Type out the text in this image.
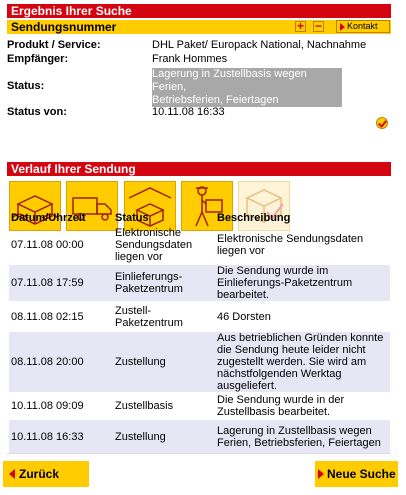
Ergebnis Ihrer Suche
Sendungsnummer	+ −	Kontakt
Produkt / Service:	DHL Paket/ Europack National, Nachnahme
Empfänger:	Frank Hommes
Status:
Lagerung in Zustellbasis wegen Ferien,
Betriebsferien, Feiertagen
Status von:	10.11.08 16:33
Verlauf Ihrer Sendung
Datum/Uhrzeit	Status	Beschreibung
07.11.08 00:00	Elektronische Sendungsdaten liegen vor	Elektronische Sendungsdaten liegen vor
07.11.08 17:59	Einlieferungs-Paketzentrum	Die Sendung wurde im Einlieferungs-Paketzentrum bearbeitet.
08.11.08 02:15	Zustell-Paketzentrum	46 Dorsten
08.11.08 20:00	Zustellung	Aus betrieblichen Gründen konnte die Sendung heute leider nicht zugestellt werden. Sie wird am nächstfolgenden Werktag ausgeliefert.
10.11.08 09:09	Zustellbasis	Die Sendung wurde in der Zustellbasis bearbeitet.
10.11.08 16:33	Zustellung	Lagerung in Zustellbasis wegen Ferien, Betriebsferien, Feiertagen
Zurück	Neue Suche
